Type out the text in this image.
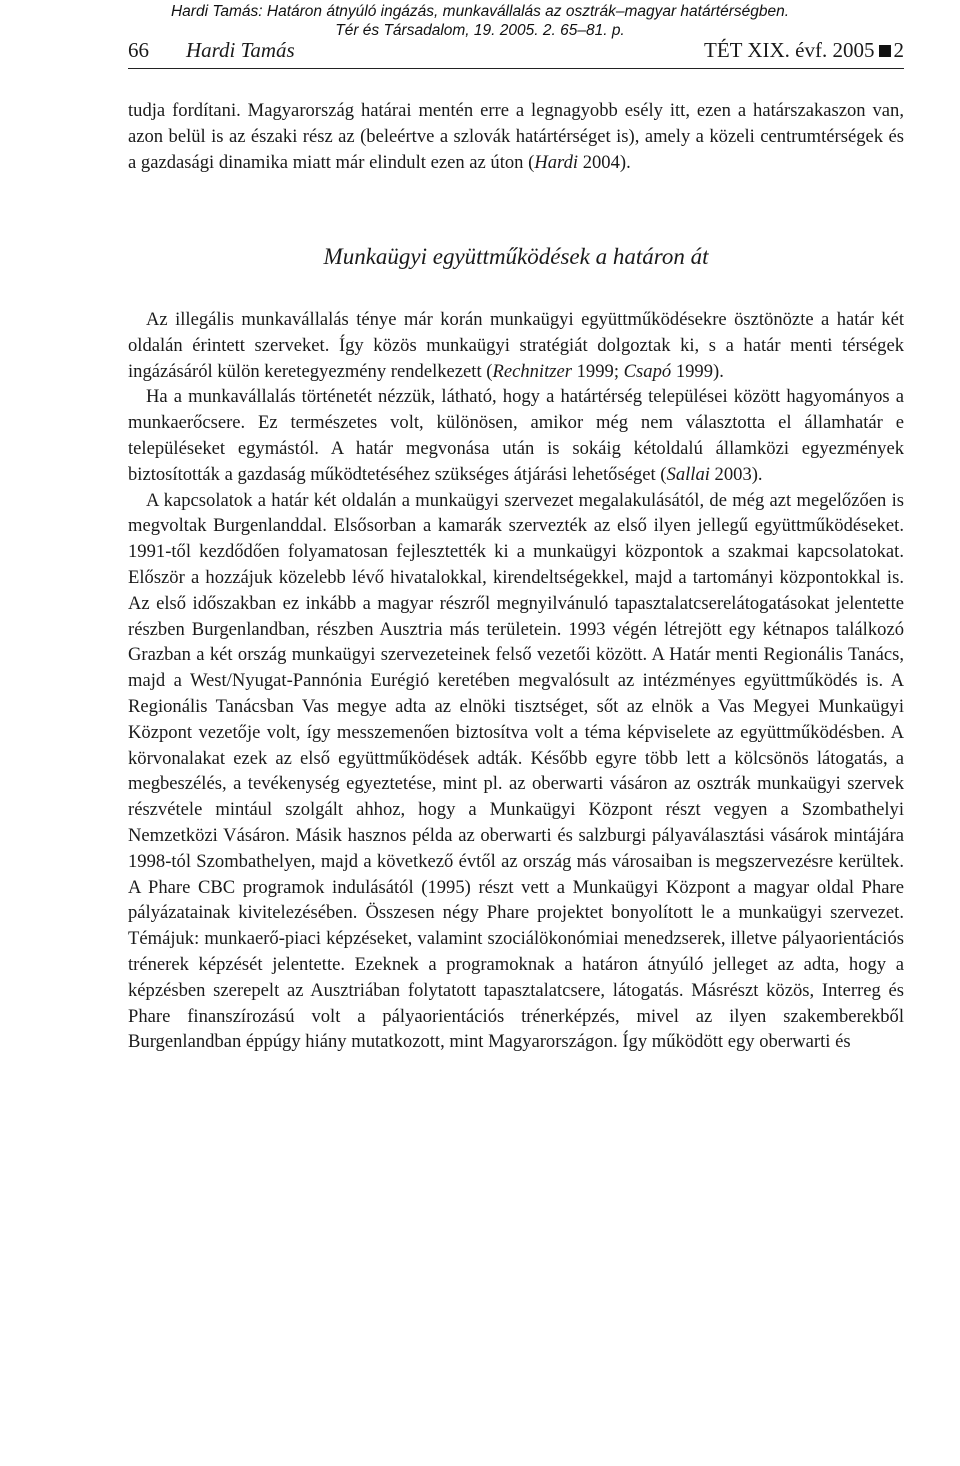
Hardi Tamás: Határon átnyúló ingázás, munkavállalás az osztrák–magyar határtérségben.
Tér és Társadalom, 19. 2005. 2. 65–81. p.
66 Hardi Tamás	TÉT XIX. évf. 2005 2

tudja fordítani. Magyarország határai mentén erre a legnagyobb esély itt, ezen a határszakaszon van, azon belül is az északi rész az (beleértve a szlovák határtérséget is), amely a közeli centrumtérségek és a gazdasági dinamika miatt már elindult ezen az úton (Hardi 2004).

Munkaügyi együttműködések a határon át

Az illegális munkavállalás ténye már korán munkaügyi együttműködésekre ösztönözte a határ két oldalán érintett szerveket. Így közös munkaügyi stratégiát dolgoztak ki, s a határ menti térségek ingázásáról külön keretegyezmény rendelkezett (Rechnitzer 1999; Csapó 1999).

Ha a munkavállalás történetét nézzük, látható, hogy a határtérség települései között hagyományos a munkaerőcsere. Ez természetes volt, különösen, amikor még nem választotta el államhatár e településeket egymástól. A határ megvonása után is sokáig kétoldalú államközi egyezmények biztosították a gazdaság működtetéséhez szükséges átjárási lehetőséget (Sallai 2003).

A kapcsolatok a határ két oldalán a munkaügyi szervezet megalakulásától, de még azt megelőzően is megvoltak Burgenlanddal. Elsősorban a kamarák szervezték az első ilyen jellegű együttműködéseket. 1991-től kezdődően folyamatosan fejlesztették ki a munkaügyi központok a szakmai kapcsolatokat. Először a hozzájuk közelebb lévő hivatalokkal, kirendeltségekkel, majd a tartományi központokkal is. Az első időszakban ez inkább a magyar részről megnyilvánuló tapasztalatcserelátogatásokat jelentette részben Burgenlandban, részben Ausztria más területein. 1993 végén létrejött egy kétnapos találkozó Grazban a két ország munkaügyi szervezeteinek felső vezetői között. A Határ menti Regionális Tanács, majd a West/Nyugat-Pannónia Eurégió keretében megvalósult az intézményes együttműködés is. A Regionális Tanácsban Vas megye adta az elnöki tisztséget, sőt az elnök a Vas Megyei Munkaügyi Központ vezetője volt, így messzemenően biztosítva volt a téma képviselete az együttműködésben. A körvonalakat ezek az első együttműködések adták. Később egyre több lett a kölcsönös látogatás, a megbeszélés, a tevékenység egyeztetése, mint pl. az oberwarti vásáron az osztrák munkaügyi szervek részvétele mintául szolgált ahhoz, hogy a Munkaügyi Központ részt vegyen a Szombathelyi Nemzetközi Vásáron. Másik hasznos példa az oberwarti és salzburgi pályaválasztási vásárok mintájára 1998-tól Szombathelyen, majd a következő évtől az ország más városaiban is megszervezésre kerültek. A Phare CBC programok indulásától (1995) részt vett a Munkaügyi Központ a magyar oldal Phare pályázatainak kivitelezésében. Összesen négy Phare projektet bonyolított le a munkaügyi szervezet. Témájuk: munkaerő-piaci képzéseket, valamint szociálökonómiai menedzserek, illetve pályaorientációs trénerek képzését jelentette. Ezeknek a programoknak a határon átnyúló jelleget az adta, hogy a képzésben szerepelt az Ausztriában folytatott tapasztalatcsere, látogatás. Másrészt közös, Interreg és Phare finanszírozású volt a pályaorientációs trénerképzés, mivel az ilyen szakemberekből Burgenlandban éppúgy hiány mutatkozott, mint Magyarországon. Így működött egy oberwarti és
